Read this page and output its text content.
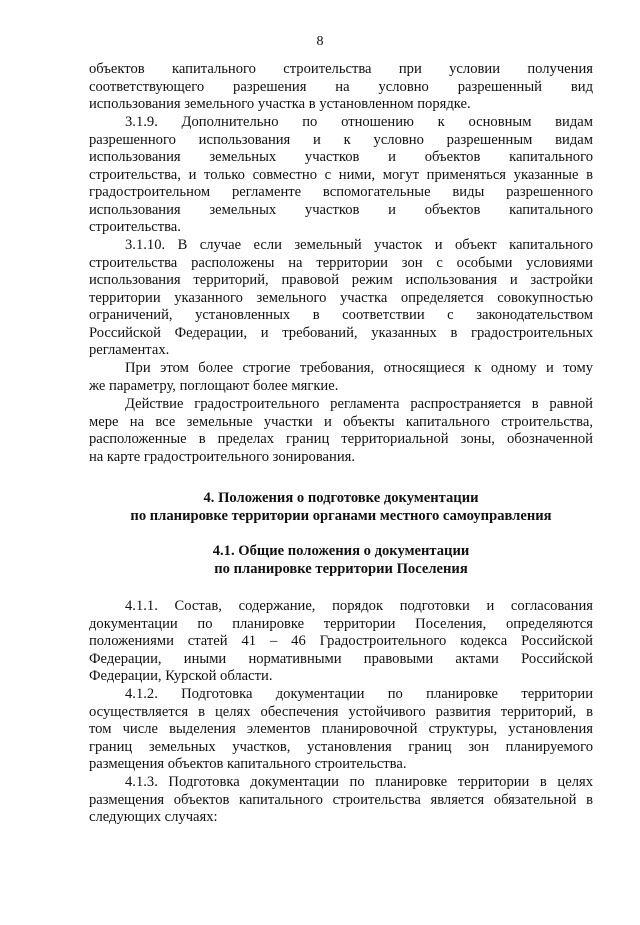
8
объектов капитального строительства при условии получения
соответствующего разрешения на условно разрешенный вид
использования земельного участка в установленном порядке.
3.1.9. Дополнительно по отношению к основным видам
разрешенного использования и к условно разрешенным видам
использования земельных участков и объектов капитального
строительства, и только совместно с ними, могут применяться указанные в
градостроительном регламенте вспомогательные виды разрешенного
использования земельных участков и объектов капитального
строительства.
3.1.10. В случае если земельный участок и объект капитального
строительства расположены на территории зон с особыми условиями
использования территорий, правовой режим использования и застройки
территории указанного земельного участка определяется совокупностью
ограничений, установленных в соответствии с законодательством
Российской Федерации, и требований, указанных в градостроительных
регламентах.
При этом более строгие требования, относящиеся к одному и тому
же параметру, поглощают более мягкие.
Действие градостроительного регламента распространяется в равной
мере на все земельные участки и объекты капитального строительства,
расположенные в пределах границ территориальной зоны, обозначенной
на карте градостроительного зонирования.
4. Положения о подготовке документации
по планировке территории органами местного самоуправления
4.1. Общие положения о документации
по планировке территории Поселения
4.1.1. Состав, содержание, порядок подготовки и согласования
документации по планировке территории Поселения, определяются
положениями статей 41 – 46 Градостроительного кодекса Российской
Федерации, иными нормативными правовыми актами Российской
Федерации, Курской области.
4.1.2. Подготовка документации по планировке территории
осуществляется в целях обеспечения устойчивого развития территорий, в
том числе выделения элементов планировочной структуры, установления
границ земельных участков, установления границ зон планируемого
размещения объектов капитального строительства.
4.1.3. Подготовка документации по планировке территории в целях
размещения объектов капитального строительства является обязательной в
следующих случаях:
